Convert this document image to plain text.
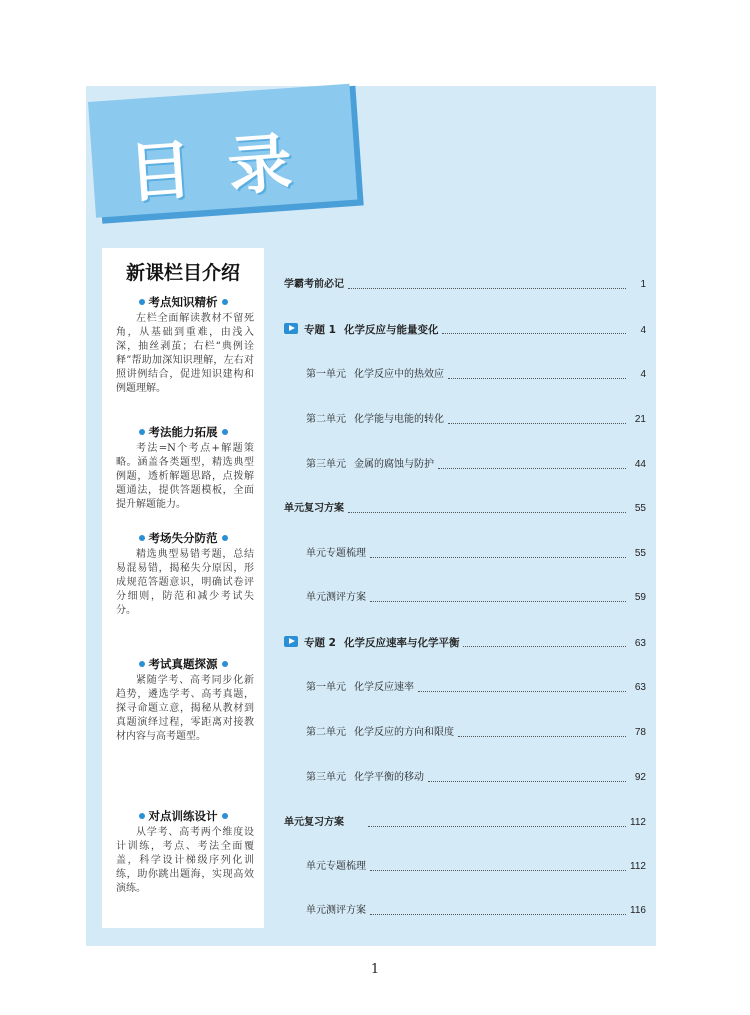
目录
新课栏目介绍
考点知识精析
左栏全面解读教材不留死角，从基础到重难，由浅入深，抽丝剥茧；右栏“典例诠释”帮助加深知识理解，左右对照讲例结合，促进知识建构和例题理解。
考法能力拓展
考法=N个考点+解题策略。涵盖各类题型，精选典型例题，透析解题思路，点拨解题通法，提供答题模板，全面提升解题能力。
考场失分防范
精选典型易错考题，总结易混易错，揭秘失分原因，形成规范答题意识，明确试卷评分细则，防范和减少考试失分。
考试真题探源
紧随学考、高考同步化新趋势，遴选学考、高考真题，探寻命题立意，揭秘从教材到真题演绎过程，零距离对接教材内容与高考题型。
对点训练设计
从学考、高考两个维度设计训练，考点、考法全面覆盖，科学设计梯级序列化训练，助你跳出题海，实现高效演练。
学霸考前必记	1
专题 1 化学反应与能量变化	4
第一单元 化学反应中的热效应	4
第二单元 化学能与电能的转化	21
第三单元 金属的腐蚀与防护	44
单元复习方案	55
单元专题梳理	55
单元测评方案	59
专题 2 化学反应速率与化学平衡	63
第一单元 化学反应速率	63
第二单元 化学反应的方向和限度	78
第三单元 化学平衡的移动	92
单元复习方案	112
单元专题梳理	112
单元测评方案	116
1
